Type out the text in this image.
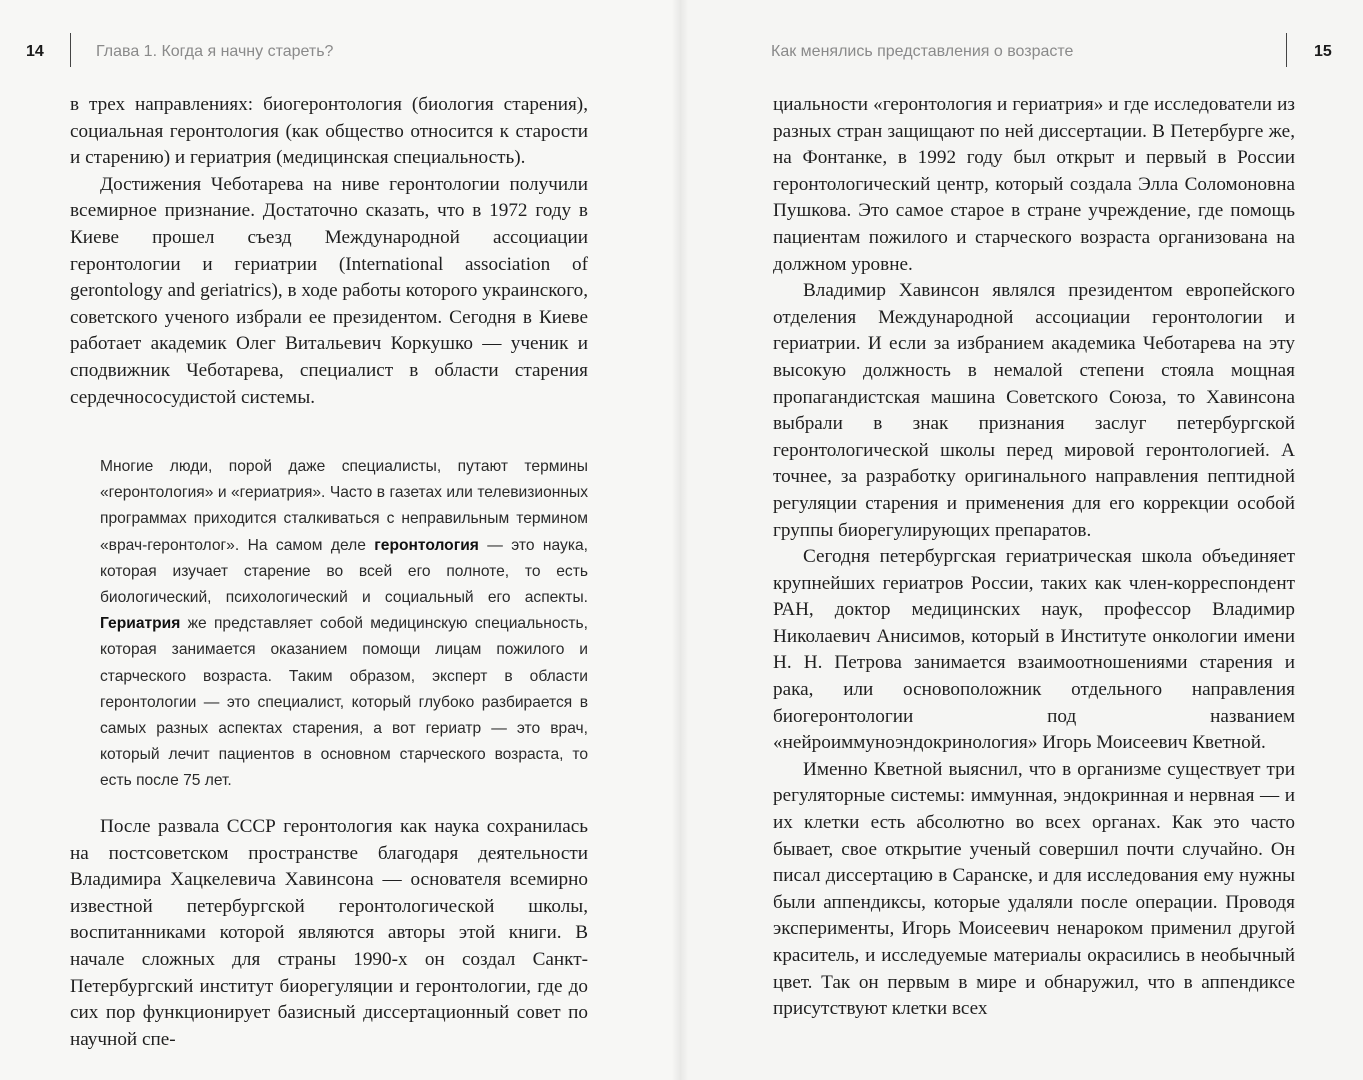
14	Глава 1. Когда я начну стареть?

в трех направлениях: биогеронтология (биология старения), социальная геронтология (как общество относится к старости и старению) и гериатрия (медицинская специальность).

Достижения Чеботарева на ниве геронтологии получили всемирное признание. Достаточно сказать, что в 1972 году в Киеве прошел съезд Международной ассоциации геронтологии и гериатрии (International association of gerontology and geriatrics), в ходе работы которого украинского, советского ученого избрали ее президентом. Сегодня в Киеве работает академик Олег Витальевич Коркушко — ученик и сподвижник Чеботарева, специалист в области старения сердечнососудистой системы.

Многие люди, порой даже специалисты, путают термины «геронтология» и «гериатрия». Часто в газетах или телевизионных программах приходится сталкиваться с неправильным термином «врач-геронтолог». На самом деле геронтология — это наука, которая изучает старение во всей его полноте, то есть биологический, психологический и социальный его аспекты. Гериатрия же представляет собой медицинскую специальность, которая занимается оказанием помощи лицам пожилого и старческого возраста. Таким образом, эксперт в области геронтологии — это специалист, который глубоко разбирается в самых разных аспектах старения, а вот гериатр — это врач, который лечит пациентов в основном старческого возраста, то есть после 75 лет.

После развала СССР геронтология как наука сохранилась на постсоветском пространстве благодаря деятельности Владимира Хацкелевича Хавинсона — основателя всемирно известной петербургской геронтологической школы, воспитанниками которой являются авторы этой книги. В начале сложных для страны 1990-х он создал Санкт-Петербургский институт биорегуляции и геронтологии, где до сих пор функционирует базисный диссертационный совет по научной спе-

Как менялись представления о возрасте	15

циальности «геронтология и гериатрия» и где исследователи из разных стран защищают по ней диссертации. В Петербурге же, на Фонтанке, в 1992 году был открыт и первый в России геронтологический центр, который создала Элла Соломоновна Пушкова. Это самое старое в стране учреждение, где помощь пациентам пожилого и старческого возраста организована на должном уровне.

Владимир Хавинсон являлся президентом европейского отделения Международной ассоциации геронтологии и гериатрии. И если за избранием академика Чеботарева на эту высокую должность в немалой степени стояла мощная пропагандистская машина Советского Союза, то Хавинсона выбрали в знак признания заслуг петербургской геронтологической школы перед мировой геронтологией. А точнее, за разработку оригинального направления пептидной регуляции старения и применения для его коррекции особой группы биорегулирующих препаратов.

Сегодня петербургская гериатрическая школа объединяет крупнейших гериатров России, таких как член-корреспондент РАН, доктор медицинских наук, профессор Владимир Николаевич Анисимов, который в Институте онкологии имени Н. Н. Петрова занимается взаимоотношениями старения и рака, или основоположник отдельного направления биогеронтологии под названием «нейроиммуноэндокринология» Игорь Моисеевич Кветной.

Именно Кветной выяснил, что в организме существует три регуляторные системы: иммунная, эндокринная и нервная — и их клетки есть абсолютно во всех органах. Как это часто бывает, свое открытие ученый совершил почти случайно. Он писал диссертацию в Саранске, и для исследования ему нужны были аппендиксы, которые удаляли после операции. Проводя эксперименты, Игорь Моисеевич ненароком применил другой краситель, и исследуемые материалы окрасились в необычный цвет. Так он первым в мире и обнаружил, что в аппендиксе присутствуют клетки всех
